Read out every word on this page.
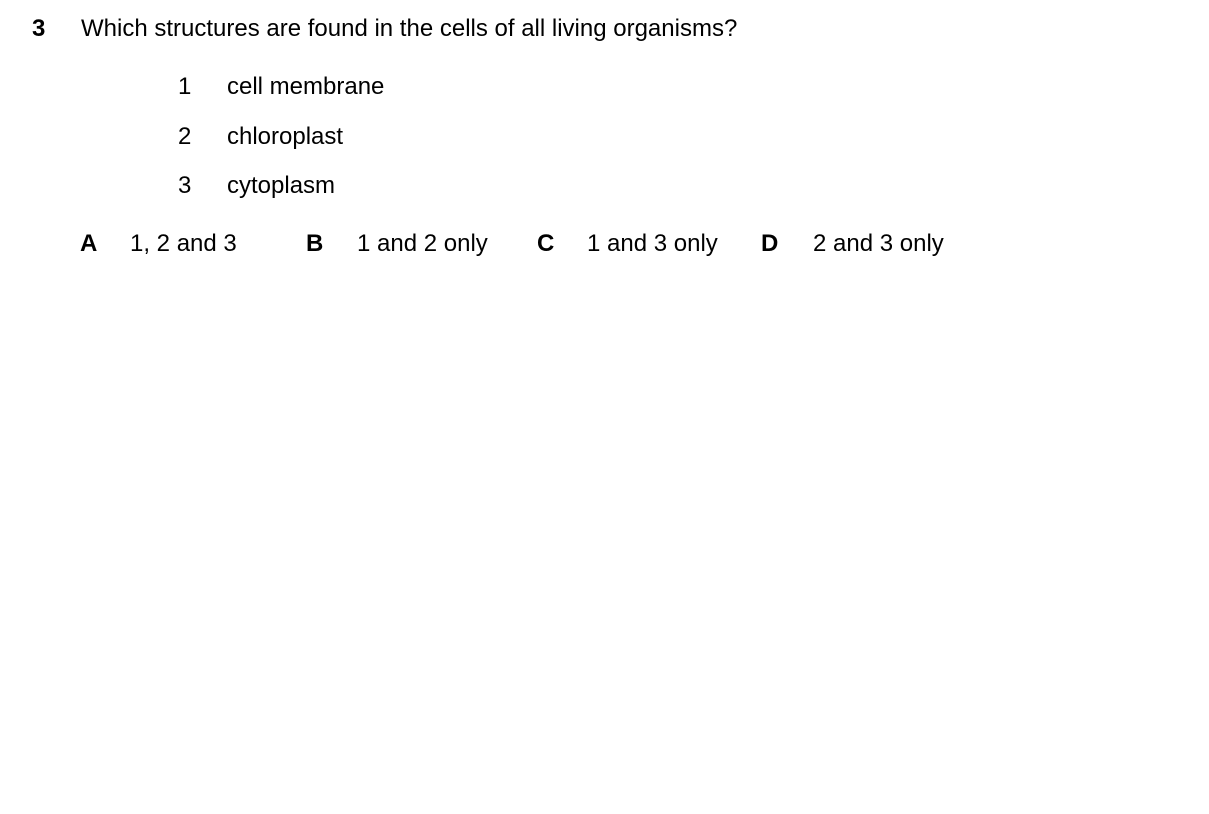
3 Which structures are found in the cells of all living organisms?
1 cell membrane
2 chloroplast
3 cytoplasm
A 1, 2 and 3	B 1 and 2 only C 1 and 3 only D 2 and 3 only
